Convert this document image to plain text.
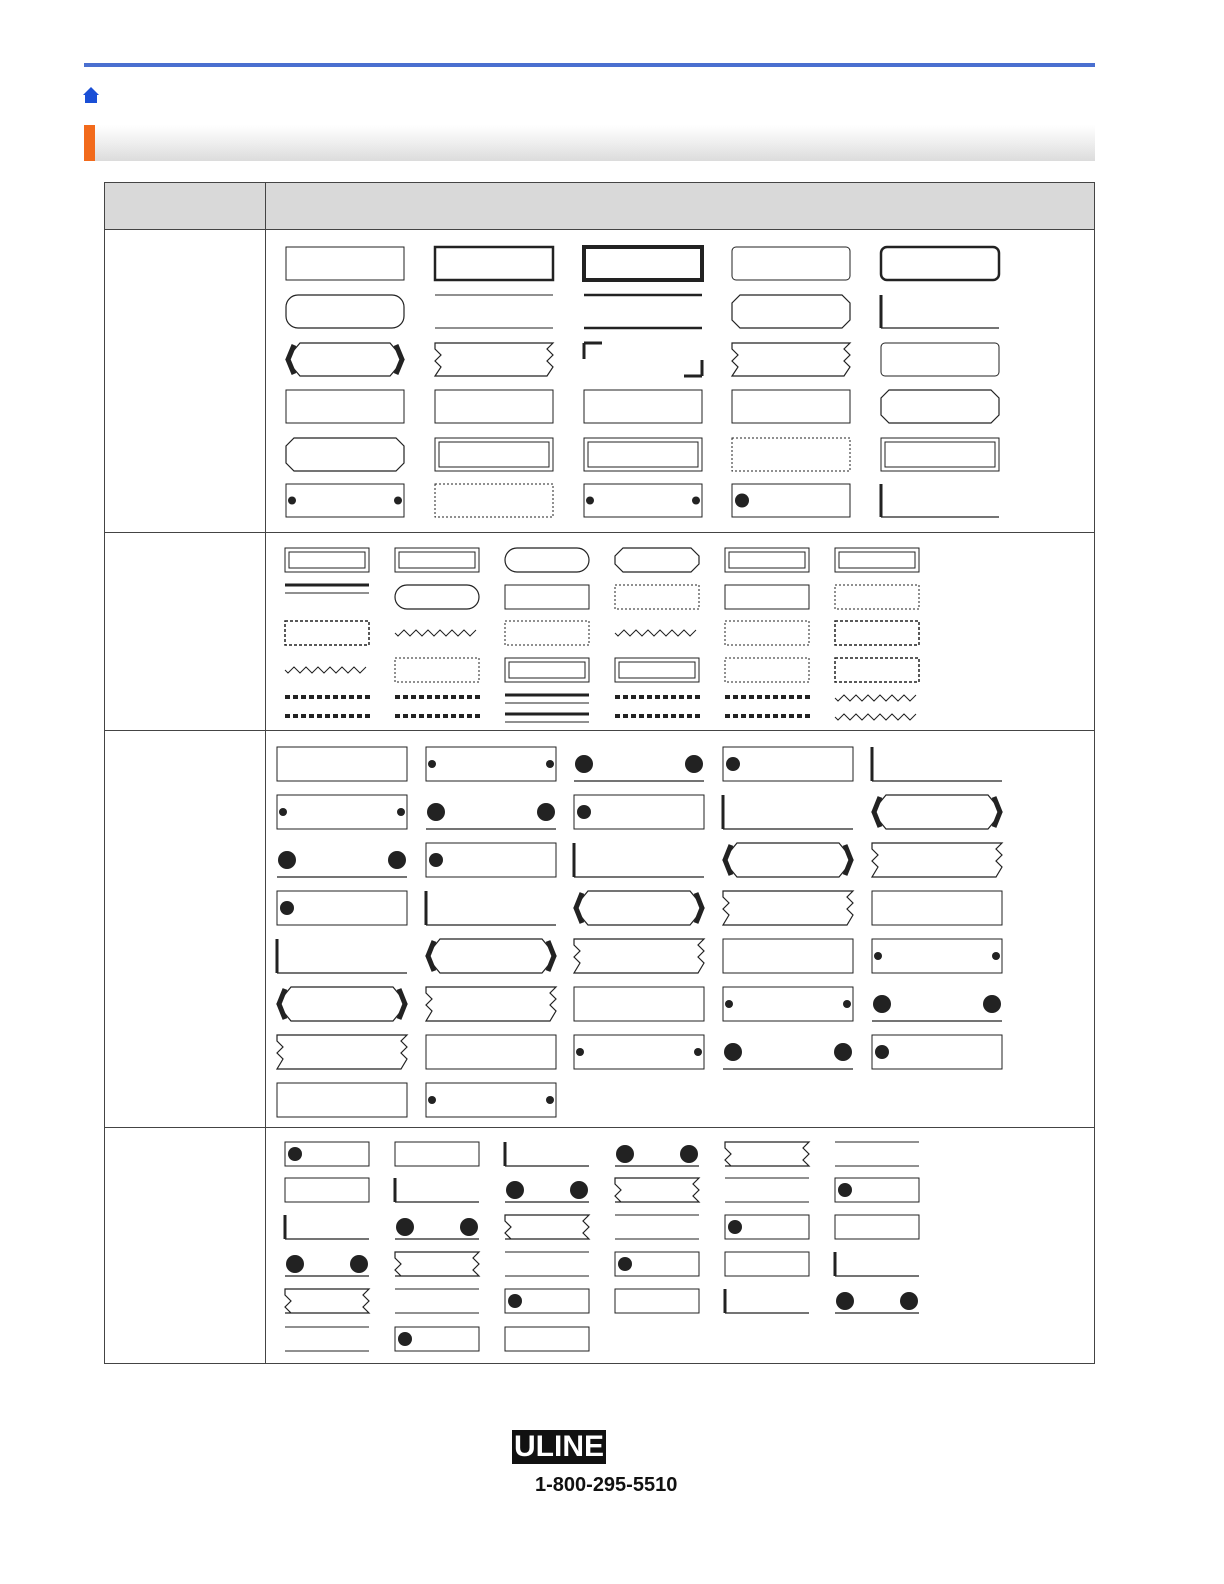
ULINE
1-800-295-5510
